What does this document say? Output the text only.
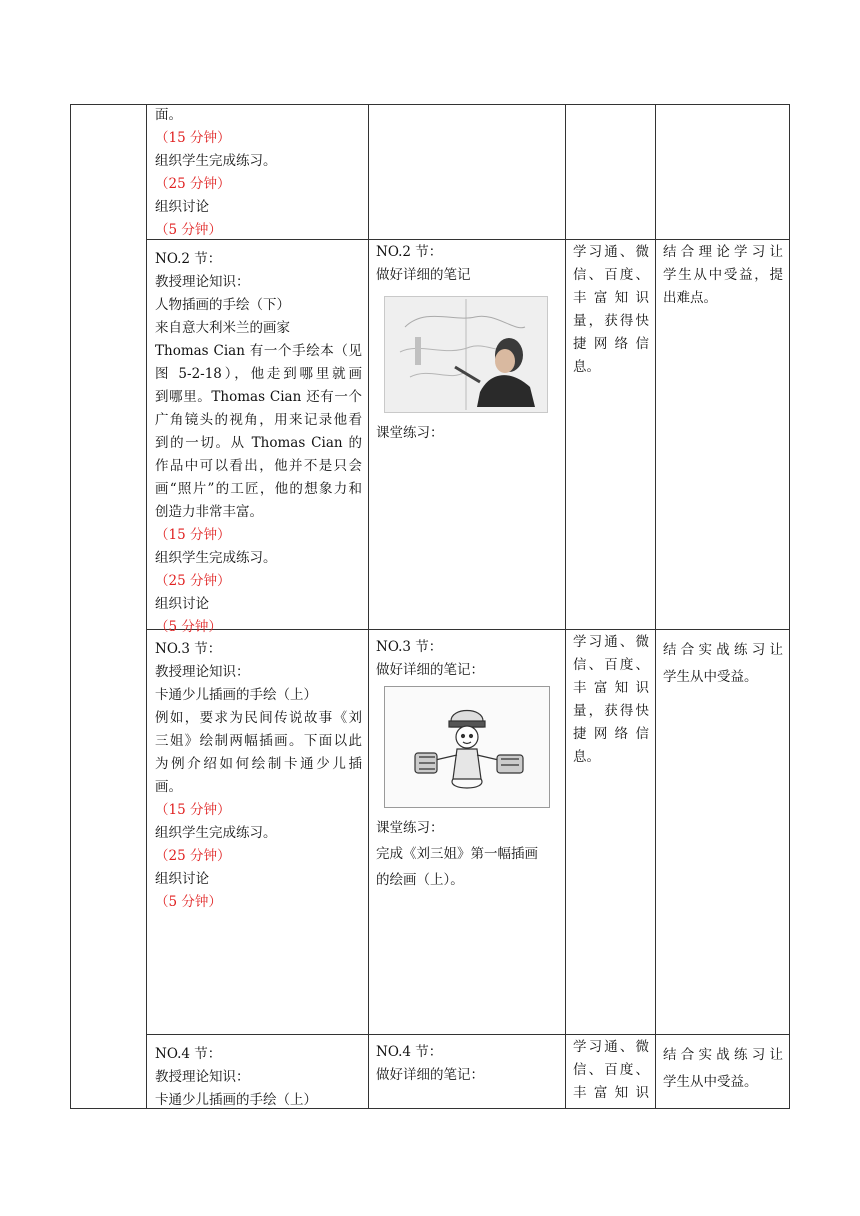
面。
（15 分钟）
组织学生完成练习。
（25 分钟）
组织讨论
（5 分钟）
NO.2 节：
教授理论知识：
人物插画的手绘（下）
来自意大利米兰的画家
Thomas Cian 有一个手绘本（见
图 5-2-18），他走到哪里就画
到哪里。Thomas Cian 还有一个
广角镜头的视角，用来记录他看
到的一切。从 Thomas Cian 的
作品中可以看出，他并不是只会
画“照片”的工匠，他的想象力和
创造力非常丰富。
（15 分钟）
组织学生完成练习。
（25 分钟）
组织讨论
（5 分钟）
NO.2 节：
做好详细的笔记
课堂练习：
学习通、微
信、百度、
丰 富 知 识
量，获得快
捷 网 络 信
息。
结合理论学习让
学生从中受益，提
出难点。
NO.3 节：
教授理论知识：
卡通少儿插画的手绘（上）
例如，要求为民间传说故事《刘
三姐》绘制两幅插画。下面以此
为例介绍如何绘制卡通少儿插
画。
（15 分钟）
组织学生完成练习。
（25 分钟）
组织讨论
（5 分钟）
NO.3 节：
做好详细的笔记：
课堂练习：
完成《刘三姐》第一幅插画
的绘画（上）。
学习通、微
信、百度、
丰 富 知 识
量，获得快
捷 网 络 信
息。
结合实战练习让
学生从中受益。
NO.4 节：
教授理论知识：
卡通少儿插画的手绘（上）
NO.4 节：
做好详细的笔记：
学习通、微
信、百度、
丰 富 知 识
结合实战练习让
学生从中受益。
